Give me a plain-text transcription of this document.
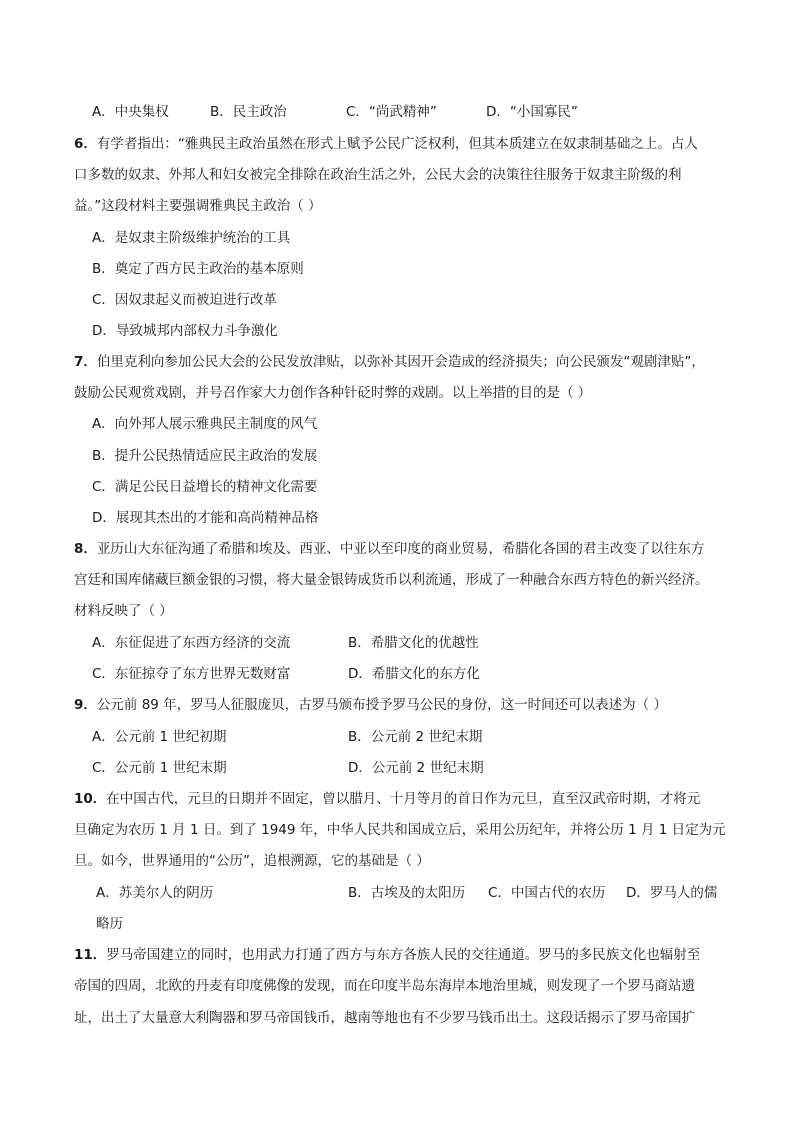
A．中央集权	B．民主政治	C．“尚武精神”	D．“小国寡民”
6．有学者指出：“雅典民主政治虽然在形式上赋予公民广泛权利，但其本质建立在奴隶制基础之上。占人
口多数的奴隶、外邦人和妇女被完全排除在政治生活之外，公民大会的决策往往服务于奴隶主阶级的利
益。”这段材料主要强调雅典民主政治（ ）
A．是奴隶主阶级维护统治的工具
B．奠定了西方民主政治的基本原则
C．因奴隶起义而被迫进行改革
D．导致城邦内部权力斗争激化
7．伯里克利向参加公民大会的公民发放津贴，以弥补其因开会造成的经济损失；向公民颁发“观剧津贴”，
鼓励公民观赏戏剧，并号召作家大力创作各种针砭时弊的戏剧。以上举措的目的是（ ）
A．向外邦人展示雅典民主制度的风气
B．提升公民热情适应民主政治的发展
C．满足公民日益增长的精神文化需要
D．展现其杰出的才能和高尚精神品格
8．亚历山大东征沟通了希腊和埃及、西亚、中亚以至印度的商业贸易，希腊化各国的君主改变了以往东方
宫廷和国库储藏巨额金银的习惯，将大量金银铸成货币以利流通，形成了一种融合东西方特色的新兴经济。
材料反映了（ ）
A．东征促进了东西方经济的交流	B．希腊文化的优越性
C．东征掠夺了东方世界无数财富	D．希腊文化的东方化
9．公元前 89 年，罗马人征服庞贝，古罗马颁布授予罗马公民的身份，这一时间还可以表述为（ ）
A．公元前 1 世纪初期	B．公元前 2 世纪末期
C．公元前 1 世纪末期	D．公元前 2 世纪末期
10．在中国古代，元旦的日期并不固定，曾以腊月、十月等月的首日作为元旦，直至汉武帝时期，才将元
旦确定为农历 1 月 1 日。到了 1949 年，中华人民共和国成立后，采用公历纪年，并将公历 1 月 1 日定为元
旦。如今，世界通用的“公历”，追根溯源，它的基础是（ ）
A．苏美尔人的阴历	B．古埃及的太阳历 C．中国古代的农历 D．罗马人的儒
略历
11．罗马帝国建立的同时，也用武力打通了西方与东方各族人民的交往通道。罗马的多民族文化也辐射至
帝国的四周，北欧的丹麦有印度佛像的发现，而在印度半岛东海岸本地治里城，则发现了一个罗马商站遗
址，出土了大量意大利陶器和罗马帝国钱币，越南等地也有不少罗马钱币出土。这段话揭示了罗马帝国扩
